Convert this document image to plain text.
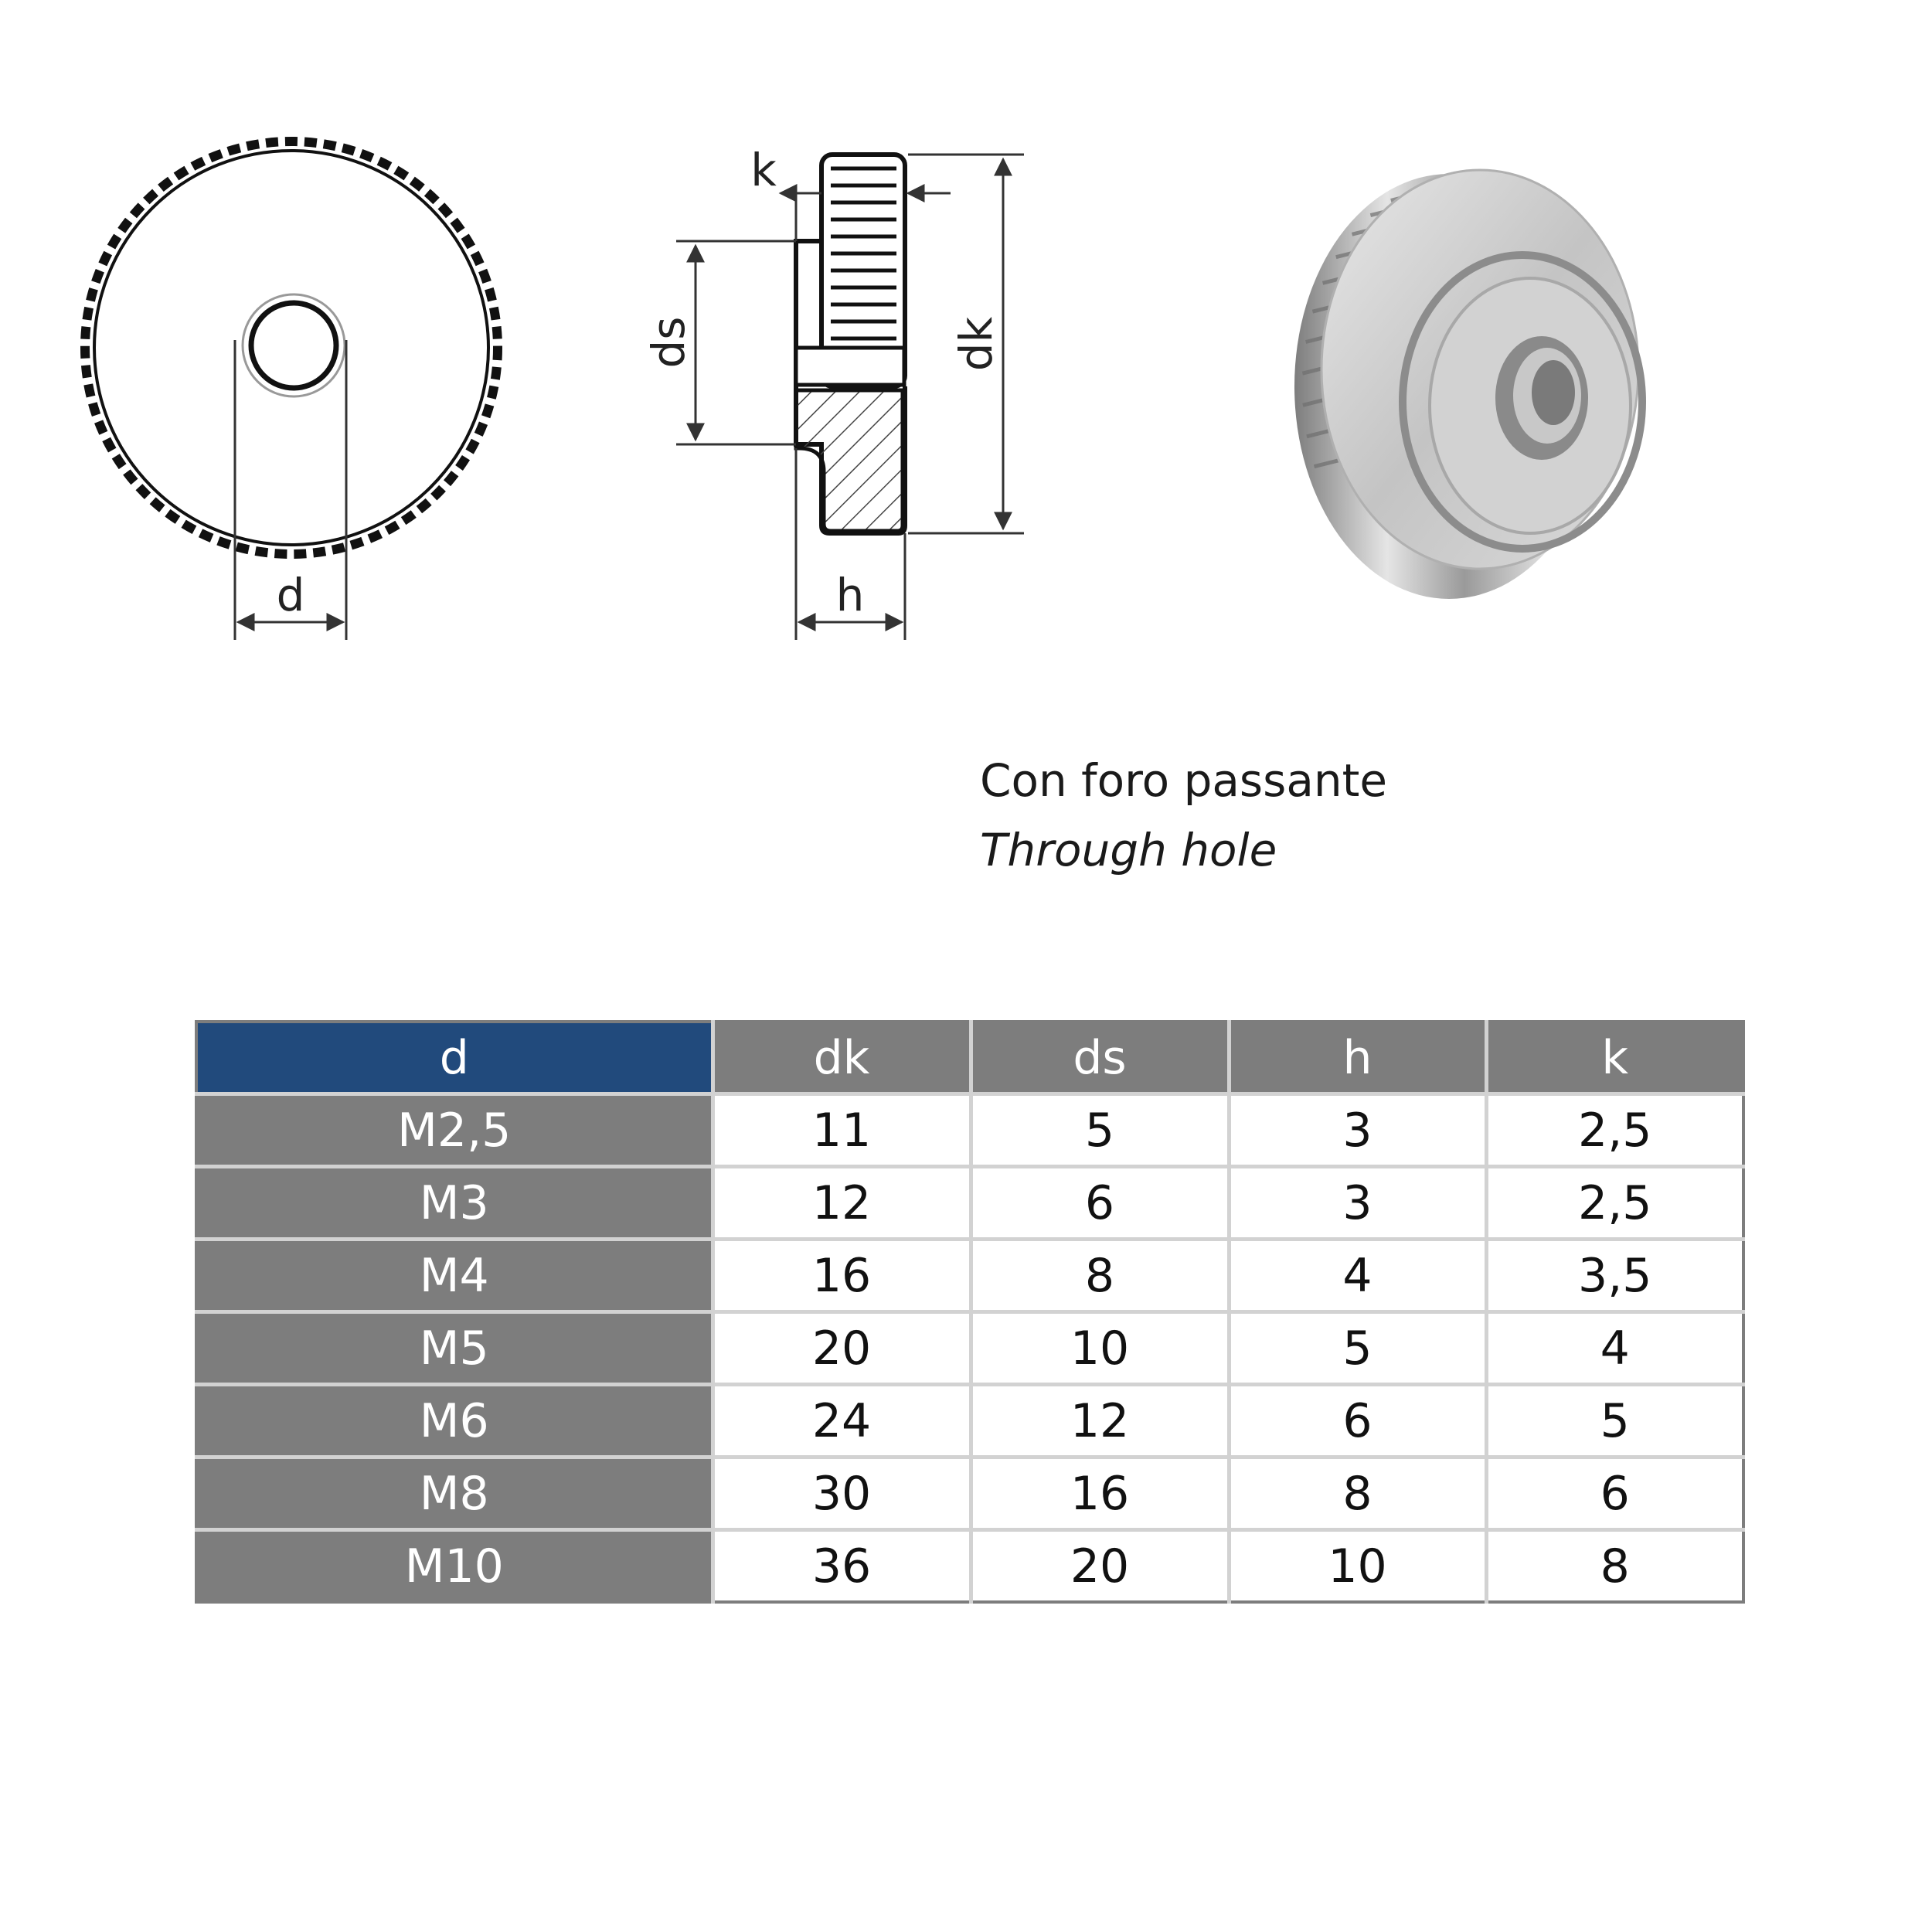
d
k
ds	dk
h
Con foro passante
Through hole
d	dk	ds	h	k
M2,5	11	5	3	2,5
M3	12	6	3	2,5
M4	16	8	4	3,5
M5	20	10	5	4
M6	24	12	6	5
M8	30	16	8	6
M10	36	20	10	8
